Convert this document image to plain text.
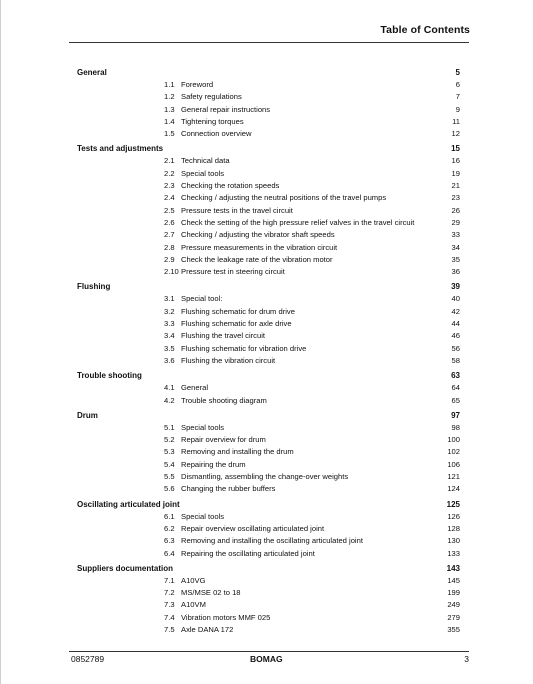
Table of Contents
General	5
1.1 Foreword	6
1.2 Safety regulations	7
1.3 General repair instructions	9
1.4 Tightening torques	11
1.5 Connection overview	12
Tests and adjustments	15
2.1 Technical data	16
2.2 Special tools	19
2.3 Checking the rotation speeds	21
2.4 Checking / adjusting the neutral positions of the travel pumps	23
2.5 Pressure tests in the travel circuit	26
2.6 Check the setting of the high pressure relief valves in the travel circuit	29
2.7 Checking / adjusting the vibrator shaft speeds	33
2.8 Pressure measurements in the vibration circuit	34
2.9 Check the leakage rate of the vibration motor	35
2.10 Pressure test in steering circuit	36
Flushing	39
3.1 Special tool:	40
3.2 Flushing schematic for drum drive	42
3.3 Flushing schematic for axle drive	44
3.4 Flushing the travel circuit	46
3.5 Flushing schematic for vibration drive	56
3.6 Flushing the vibration circuit	58
Trouble shooting	63
4.1 General	64
4.2 Trouble shooting diagram	65
Drum	97
5.1 Special tools	98
5.2 Repair overview for drum	100
5.3 Removing and installing the drum	102
5.4 Repairing the drum	106
5.5 Dismantling, assembling the change-over weights	121
5.6 Changing the rubber buffers	124
Oscillating articulated joint	125
6.1 Special tools	126
6.2 Repair overview oscillating articulated joint	128
6.3 Removing and installing the oscillating articulated joint	130
6.4 Repairing the oscillating articulated joint	133
Suppliers documentation	143
7.1 A10VG	145
7.2 MS/MSE 02 to 18	199
7.3 A10VM	249
7.4 Vibration motors MMF 025	279
7.5 Axle DANA 172	355
0852789	BOMAG	3
